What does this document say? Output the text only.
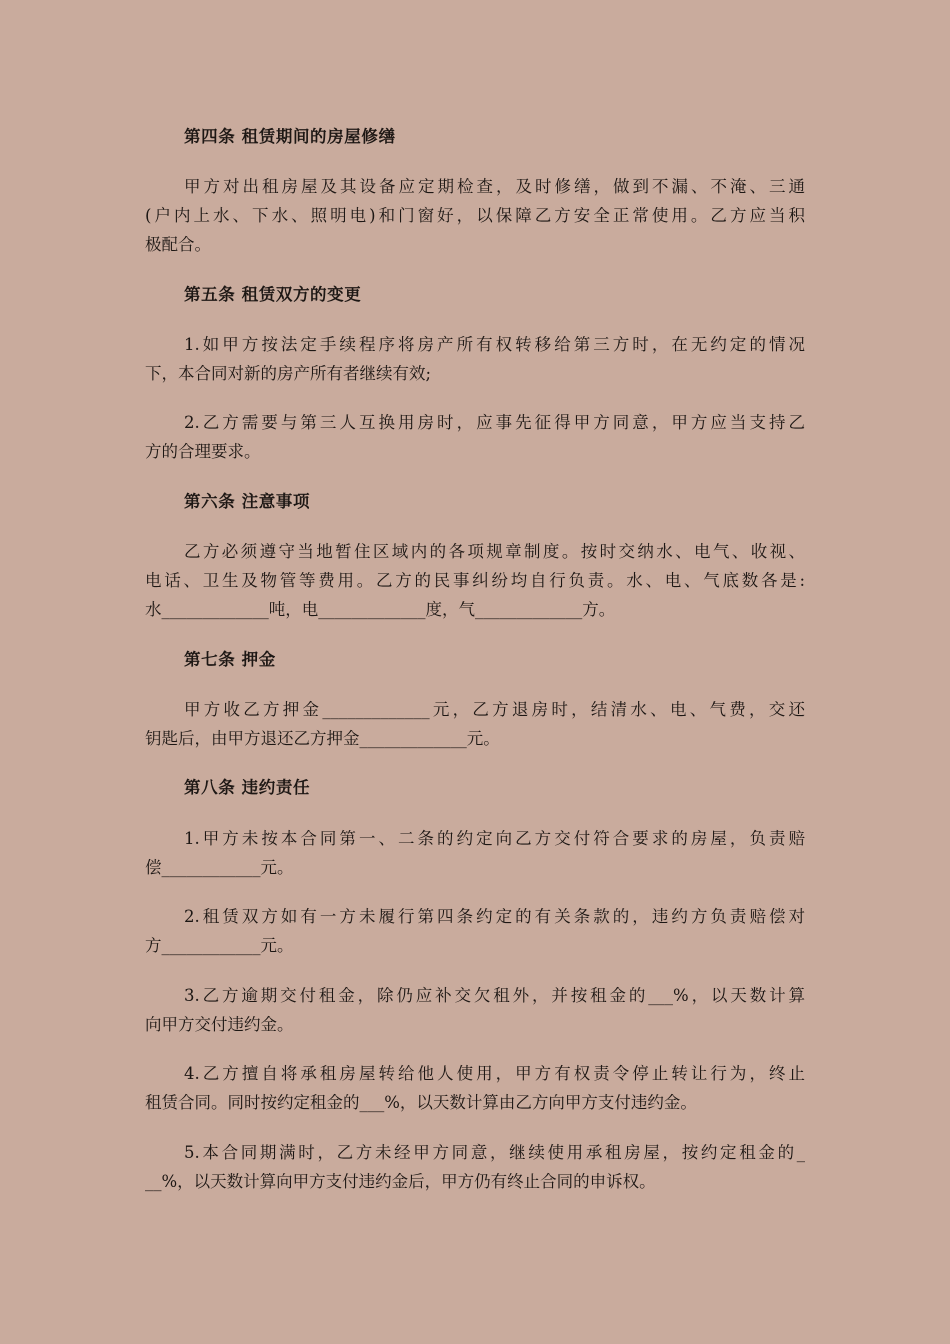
第四条 租赁期间的房屋修缮
甲方对出租房屋及其设备应定期检查，及时修缮，做到不漏、不淹、三通
(户内上水、下水、照明电)和门窗好，以保障乙方安全正常使用。乙方应当积
极配合。
第五条 租赁双方的变更
1.如甲方按法定手续程序将房产所有权转移给第三方时，在无约定的情况
下，本合同对新的房产所有者继续有效;
2.乙方需要与第三人互换用房时，应事先征得甲方同意，甲方应当支持乙
方的合理要求。
第六条 注意事项
乙方必须遵守当地暂住区域内的各项规章制度。按时交纳水、电气、收视、
电话、卫生及物管等费用。乙方的民事纠纷均自行负责。水、电、气底数各是:
水_____________吨，电_____________度，气_____________方。
第七条 押金
甲方收乙方押金_____________元，乙方退房时，结清水、电、气费，交还
钥匙后，由甲方退还乙方押金_____________元。
第八条 违约责任
1.甲方未按本合同第一、二条的约定向乙方交付符合要求的房屋，负责赔
偿____________元。
2.租赁双方如有一方未履行第四条约定的有关条款的，违约方负责赔偿对
方____________元。
3.乙方逾期交付租金，除仍应补交欠租外，并按租金的___%，以天数计算
向甲方交付违约金。
4.乙方擅自将承租房屋转给他人使用，甲方有权责令停止转让行为，终止
租赁合同。同时按约定租金的___%，以天数计算由乙方向甲方支付违约金。
5.本合同期满时，乙方未经甲方同意，继续使用承租房屋，按约定租金的_
__%，以天数计算向甲方支付违约金后，甲方仍有终止合同的申诉权。
